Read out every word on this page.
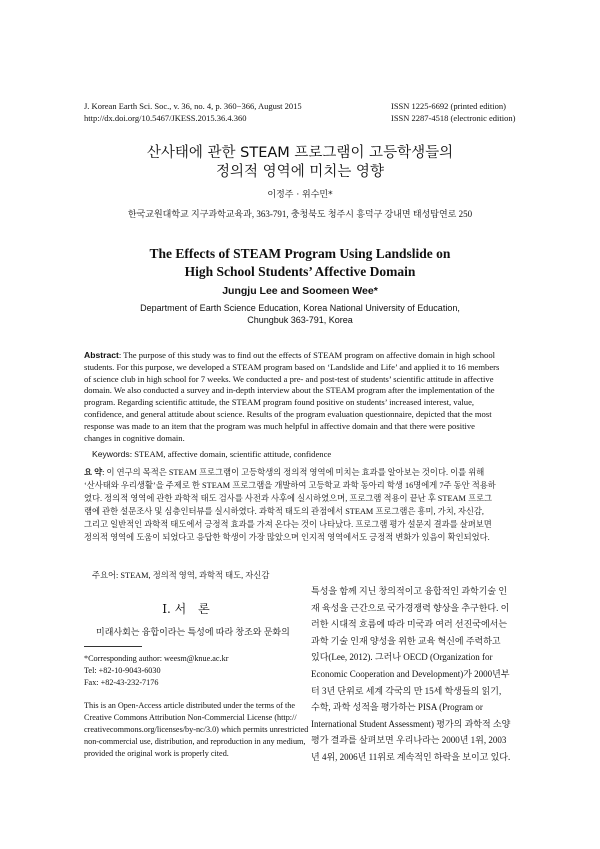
J. Korean Earth Sci. Soc., v. 36, no. 4, p. 360−366, August 2015
http://dx.doi.org/10.5467/JKESS.2015.36.4.360
ISSN 1225-6692 (printed edition)
ISSN 2287-4518 (electronic edition)
산사태에 관한 STEAM 프로그램이 고등학생들의
정의적 영역에 미치는 영향
이정주 · 위수민*
한국교원대학교 지구과학교육과, 363-791, 충청북도 청주시 흥덕구 강내면 태성탑연로 250
The Effects of STEAM Program Using Landslide on
High School Students’ Affective Domain
Jungju Lee and Soomeen Wee*
Department of Earth Science Education, Korea National University of Education,
Chungbuk 363-791, Korea
Abstract: The purpose of this study was to find out the effects of STEAM program on affective domain in high school
students. For this purpose, we developed a STEAM program based on ‘Landslide and Life’ and applied it to 16 members
of science club in high school for 7 weeks. We conducted a pre- and post-test of students’ scientific attitude in affective
domain. We also conducted a survey and in-depth interview about the STEAM program after the implementation of the
program. Regarding scientific attitude, the STEAM program found positive on students’ increased interest, value,
confidence, and general attitude about science. Results of the program evaluation questionnaire, depicted that the most
response was made to an item that the program was much helpful in affective domain and that there were positive
changes in cognitive domain.
Keywords: STEAM, affective domain, scientific attitude, confidence
요 약: 이 연구의 목적은 STEAM 프로그램이 고등학생의 정의적 영역에 미치는 효과를 알아보는 것이다. 이를 위해
‘산사태와 우리생활’을 주제로 한 STEAM 프로그램을 개발하여 고등학교 과학 동아리 학생 16명에게 7주 동안 적용하
였다. 정의적 영역에 관한 과학적 태도 검사를 사전과 사후에 실시하였으며, 프로그램 적용이 끝난 후 STEAM 프로그
램에 관한 설문조사 및 심층인터뷰를 실시하였다. 과학적 태도의 관점에서 STEAM 프로그램은 흥미, 가치, 자신감,
그리고 일반적인 과학적 태도에서 긍정적 효과를 가져 온다는 것이 나타났다. 프로그램 평가 설문지 결과를 살펴보면
정의적 영역에 도움이 되었다고 응답한 학생이 가장 많았으며 인지적 영역에서도 긍정적 변화가 있음이 확인되었다.
주요어: STEAM, 정의적 영역, 과학적 태도, 자신감
I. 서　론
미래사회는 융합이라는 특성에 따라 창조와 문화의
*Corresponding author: weesm@knue.ac.kr
Tel: +82-10-9043-6030
Fax: +82-43-232-7176
This is an Open-Access article distributed under the terms of the
Creative Commons Attribution Non-Commercial License (http://
creativecommons.org/licenses/by-nc/3.0) which permits unrestricted
non-commercial use, distribution, and reproduction in any medium,
provided the original work is properly cited.
특성을 함께 지닌 창의적이고 융합적인 과학기술 인
재 육성을 근간으로 국가경쟁력 향상을 추구한다. 이
러한 시대적 흐름에 따라 미국과 여러 선진국에서는
과학 기술 인재 양성을 위한 교육 혁신에 주력하고
있다(Lee, 2012). 그러나 OECD (Organization for
Economic Cooperation and Development)가 2000년부
터 3년 단위로 세계 각국의 만 15세 학생들의 읽기,
수학, 과학 성적을 평가하는 PISA (Program or
International Student Assessment) 평가의 과학적 소양
평가 결과를 살펴보면 우리나라는 2000년 1위, 2003
년 4위, 2006년 11위로 계속적인 하락을 보이고 있다.
